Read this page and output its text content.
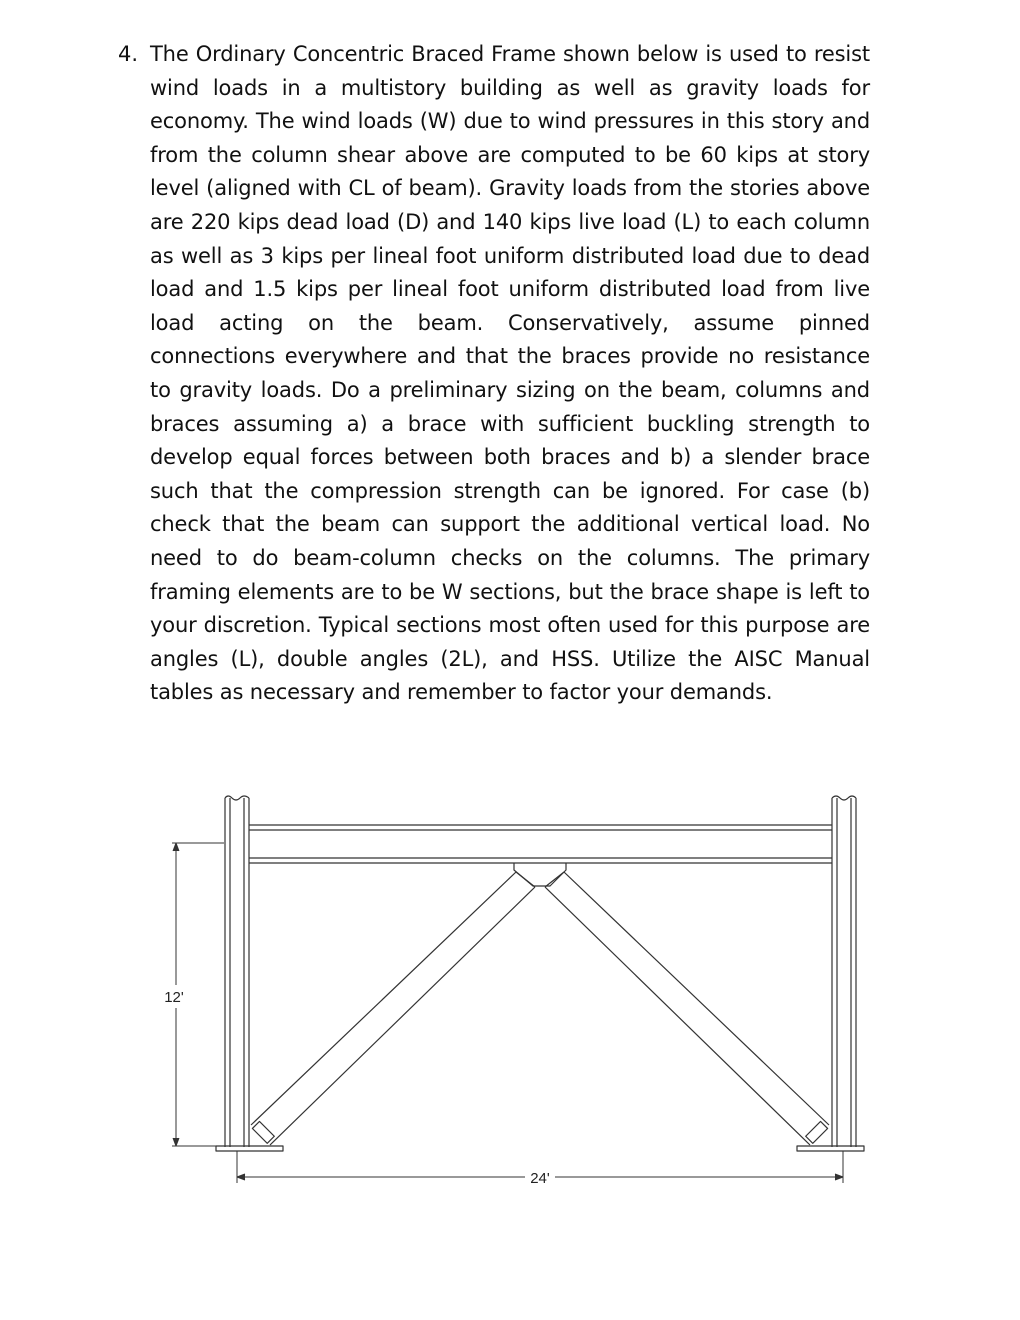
4. The Ordinary Concentric Braced Frame shown below is used to resist wind loads in a multistory building as well as gravity loads for economy. The wind loads (W) due to wind pressures in this story and from the column shear above are computed to be 60 kips at story level (aligned with CL of beam). Gravity loads from the stories above are 220 kips dead load (D) and 140 kips live load (L) to each column as well as 3 kips per lineal foot uniform distributed load due to dead load and 1.5 kips per lineal foot uniform distributed load from live load acting on the beam. Conservatively, assume pinned connections everywhere and that the braces provide no resistance to gravity loads. Do a preliminary sizing on the beam, columns and braces assuming a) a brace with sufficient buckling strength to develop equal forces between both braces and b) a slender brace such that the compression strength can be ignored. For case (b) check that the beam can support the additional vertical load. No need to do beam-column checks on the columns. The primary framing elements are to be W sections, but the brace shape is left to your discretion. Typical sections most often used for this purpose are angles (L), double angles (2L), and HSS. Utilize the AISC Manual tables as necessary and remember to factor your demands.

12'
24'
